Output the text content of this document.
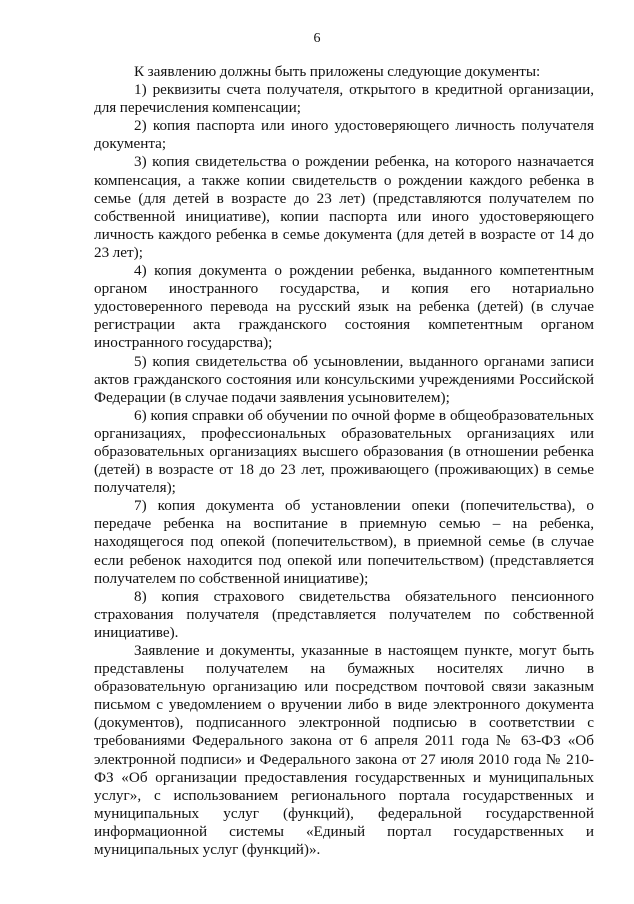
6

К заявлению должны быть приложены следующие документы:

1) реквизиты счета получателя, открытого в кредитной организации, для перечисления компенсации;

2) копия паспорта или иного удостоверяющего личность получателя документа;

3) копия свидетельства о рождении ребенка, на которого назначается компенсация, а также копии свидетельств о рождении каждого ребенка в семье (для детей в возрасте до 23 лет) (представляются получателем по собственной инициативе), копии паспорта или иного удостоверяющего личность каждого ребенка в семье документа (для детей в возрасте от 14 до 23 лет);

4) копия документа о рождении ребенка, выданного компетентным органом иностранного государства, и копия его нотариально удостоверенного перевода на русский язык на ребенка (детей) (в случае регистрации акта гражданского состояния компетентным органом иностранного государства);

5) копия свидетельства об усыновлении, выданного органами записи актов гражданского состояния или консульскими учреждениями Российской Федерации (в случае подачи заявления усыновителем);

6) копия справки об обучении по очной форме в общеобразовательных организациях, профессиональных образовательных организациях или образовательных организациях высшего образования (в отношении ребенка (детей) в возрасте от 18 до 23 лет, проживающего (проживающих) в семье получателя);

7) копия документа об установлении опеки (попечительства), о передаче ребенка на воспитание в приемную семью – на ребенка, находящегося под опекой (попечительством), в приемной семье (в случае если ребенок находится под опекой или попечительством) (представляется получателем по собственной инициативе);

8) копия страхового свидетельства обязательного пенсионного страхования получателя (представляется получателем по собственной инициативе).

Заявление и документы, указанные в настоящем пункте, могут быть представлены получателем на бумажных носителях лично в образовательную организацию или посредством почтовой связи заказным письмом с уведомлением о вручении либо в виде электронного документа (документов), подписанного электронной подписью в соответствии с требованиями Федерального закона от 6 апреля 2011 года № 63-ФЗ «Об электронной подписи» и Федерального закона от 27 июля 2010 года № 210-ФЗ «Об организации предоставления государственных и муниципальных услуг», с использованием регионального портала государственных и муниципальных услуг (функций), федеральной государственной информационной системы «Единый портал государственных и муниципальных услуг (функций)».
